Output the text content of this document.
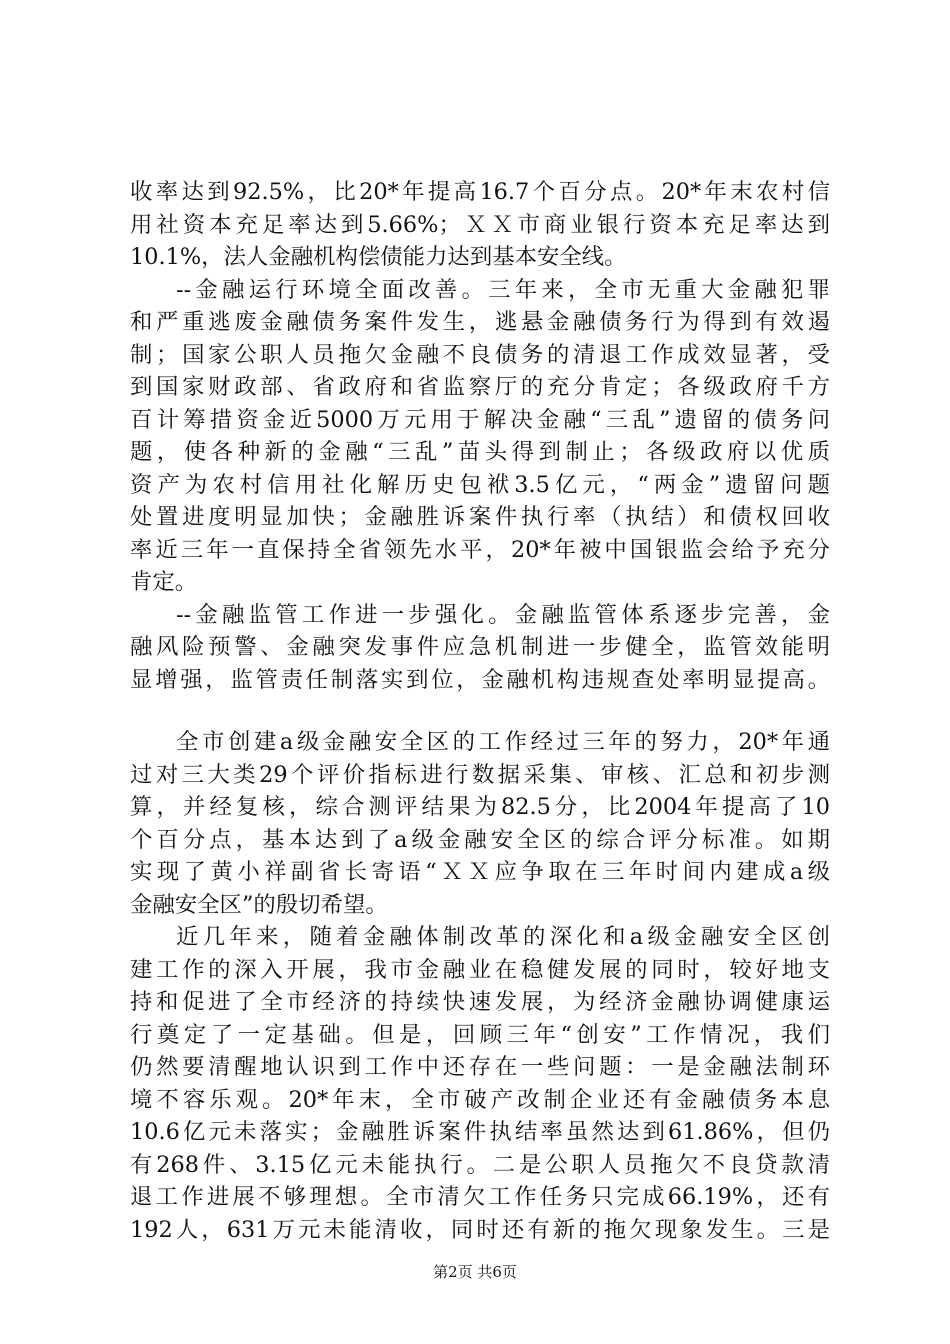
收率达到92.5%，比20*年提高16.7个百分点。20*年末农村信
用社资本充足率达到5.66%；ＸＸ市商业银行资本充足率达到
10.1%，法人金融机构偿债能力达到基本安全线。
--金融运行环境全面改善。三年来，全市无重大金融犯罪
和严重逃废金融债务案件发生，逃悬金融债务行为得到有效遏
制；国家公职人员拖欠金融不良债务的清退工作成效显著，受
到国家财政部、省政府和省监察厅的充分肯定；各级政府千方
百计筹措资金近5000万元用于解决金融“三乱”遗留的债务问
题，使各种新的金融“三乱”苗头得到制止；各级政府以优质
资产为农村信用社化解历史包袱3.5亿元，“两金”遗留问题
处置进度明显加快；金融胜诉案件执行率（执结）和债权回收
率近三年一直保持全省领先水平，20*年被中国银监会给予充分
肯定。
--金融监管工作进一步强化。金融监管体系逐步完善，金
融风险预警、金融突发事件应急机制进一步健全，监管效能明
显增强，监管责任制落实到位，金融机构违规查处率明显提高。
全市创建a级金融安全区的工作经过三年的努力，20*年通
过对三大类29个评价指标进行数据采集、审核、汇总和初步测
算，并经复核，综合测评结果为82.5分，比2004年提高了10
个百分点，基本达到了a级金融安全区的综合评分标准。如期
实现了黄小祥副省长寄语“ＸＸ应争取在三年时间内建成a级
金融安全区”的殷切希望。
近几年来，随着金融体制改革的深化和a级金融安全区创
建工作的深入开展，我市金融业在稳健发展的同时，较好地支
持和促进了全市经济的持续快速发展，为经济金融协调健康运
行奠定了一定基础。但是，回顾三年“创安”工作情况，我们
仍然要清醒地认识到工作中还存在一些问题：一是金融法制环
境不容乐观。20*年末，全市破产改制企业还有金融债务本息
10.6亿元未落实；金融胜诉案件执结率虽然达到61.86%，但仍
有268件、3.15亿元未能执行。二是公职人员拖欠不良贷款清
退工作进展不够理想。全市清欠工作任务只完成66.19%，还有
192人，631万元未能清收，同时还有新的拖欠现象发生。三是
第2页 共6页
